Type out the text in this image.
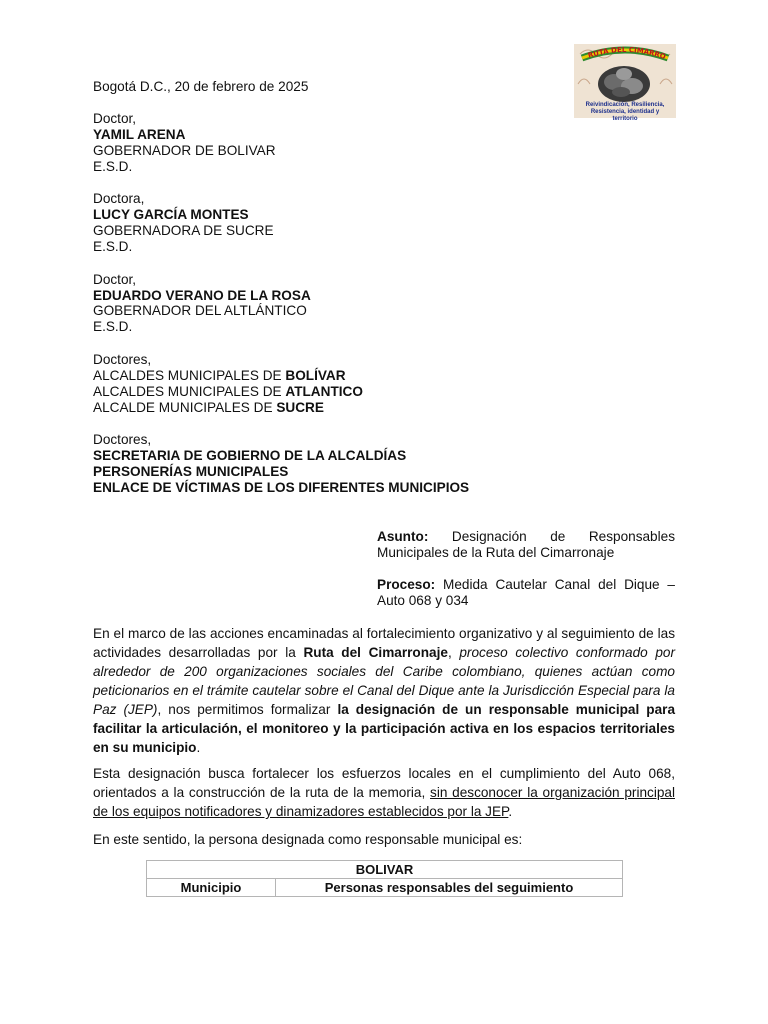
RUTA DEL CIMARRO
Reivindicación, Resiliencia, Resistencia, identidad y territorio
Bogotá D.C., 20 de febrero de 2025
Doctor,
YAMIL ARENA
GOBERNADOR DE BOLIVAR
E.S.D.
Doctora,
LUCY GARCÍA MONTES
GOBERNADORA DE SUCRE
E.S.D.
Doctor,
EDUARDO VERANO DE LA ROSA
GOBERNADOR DEL ALTLÁNTICO
E.S.D.
Doctores,
ALCALDES MUNICIPALES DE BOLÍVAR
ALCALDES MUNICIPALES DE ATLANTICO
ALCALDE MUNICIPALES DE SUCRE
Doctores,
SECRETARIA DE GOBIERNO DE LA ALCALDÍAS
PERSONERÍAS MUNICIPALES
ENLACE DE VÍCTIMAS DE LOS DIFERENTES MUNICIPIOS
Asunto: Designación de Responsables
Municipales de la Ruta del Cimarronaje
Proceso: Medida Cautelar Canal del Dique –
Auto 068 y 034
En el marco de las acciones encaminadas al fortalecimiento organizativo y al seguimiento de las actividades desarrolladas por la Ruta del Cimarronaje, proceso colectivo conformado por alrededor de 200 organizaciones sociales del Caribe colombiano, quienes actúan como peticionarios en el trámite cautelar sobre el Canal del Dique ante la Jurisdicción Especial para la Paz (JEP), nos permitimos formalizar la designación de un responsable municipal para facilitar la articulación, el monitoreo y la participación activa en los espacios territoriales en su municipio.
Esta designación busca fortalecer los esfuerzos locales en el cumplimiento del Auto 068, orientados a la construcción de la ruta de la memoria, sin desconocer la organización principal de los equipos notificadores y dinamizadores establecidos por la JEP.
En este sentido, la persona designada como responsable municipal es:
BOLIVAR
Municipio	Personas responsables del seguimiento
